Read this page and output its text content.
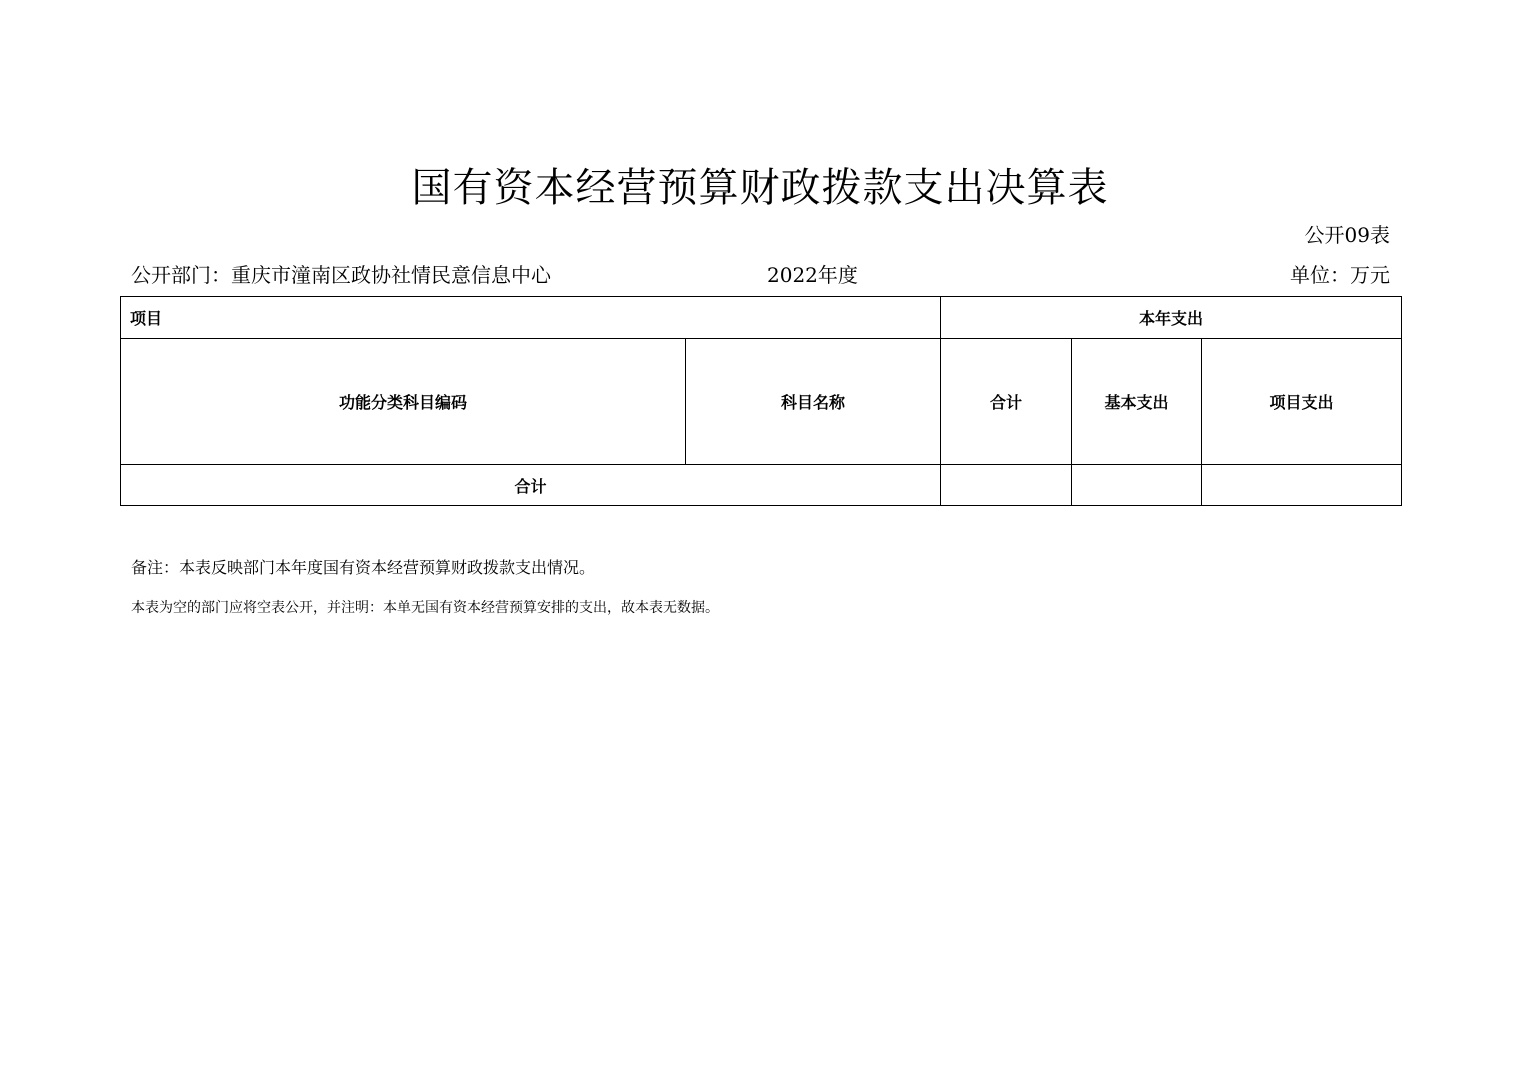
国有资本经营预算财政拨款支出决算表
公开09表
公开部门：重庆市潼南区政协社情民意信息中心	2022年度	单位：万元
项目		本年支出		
功能分类科目编码	科目名称	合计	基本支出	项目支出
合计				
备注：本表反映部门本年度国有资本经营预算财政拨款支出情况。
本表为空的部门应将空表公开，并注明：本单无国有资本经营预算安排的支出，故本表无数据。
